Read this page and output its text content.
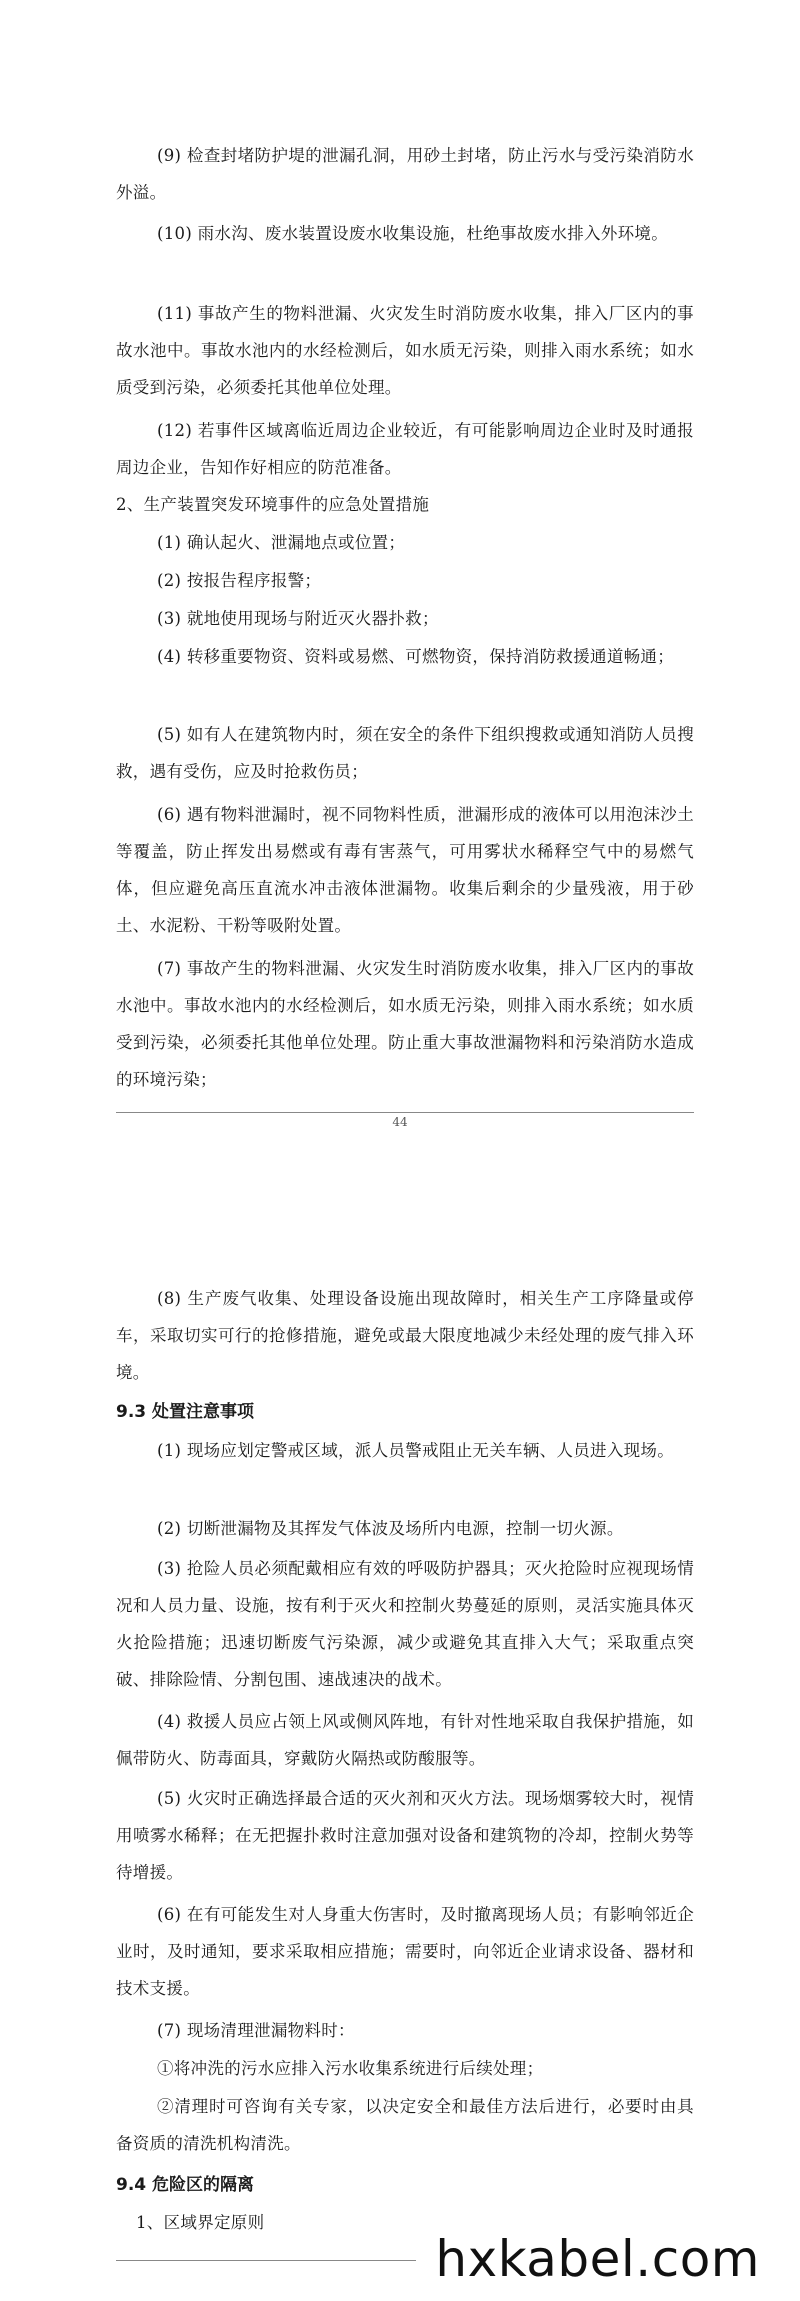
(9) 检查封堵防护堤的泄漏孔洞，用砂土封堵，防止污水与受污染消防水外溢。

(10) 雨水沟、废水装置设废水收集设施，杜绝事故废水排入外环境。

(11) 事故产生的物料泄漏、火灾发生时消防废水收集，排入厂区内的事故水池中。事故水池内的水经检测后，如水质无污染，则排入雨水系统；如水质受到污染，必须委托其他单位处理。

(12) 若事件区域离临近周边企业较近，有可能影响周边企业时及时通报周边企业，告知作好相应的防范准备。

2、生产装置突发环境事件的应急处置措施

(1) 确认起火、泄漏地点或位置；

(2) 按报告程序报警；

(3) 就地使用现场与附近灭火器扑救；

(4) 转移重要物资、资料或易燃、可燃物资，保持消防救援通道畅通；

(5) 如有人在建筑物内时，须在安全的条件下组织搜救或通知消防人员搜救，遇有受伤，应及时抢救伤员；

(6) 遇有物料泄漏时，视不同物料性质，泄漏形成的液体可以用泡沫沙土等覆盖，防止挥发出易燃或有毒有害蒸气，可用雾状水稀释空气中的易燃气体，但应避免高压直流水冲击液体泄漏物。收集后剩余的少量残液，用于砂土、水泥粉、干粉等吸附处置。

(7) 事故产生的物料泄漏、火灾发生时消防废水收集，排入厂区内的事故水池中。事故水池内的水经检测后，如水质无污染，则排入雨水系统；如水质受到污染，必须委托其他单位处理。防止重大事故泄漏物料和污染消防水造成的环境污染；

44

(8) 生产废气收集、处理设备设施出现故障时，相关生产工序降量或停车，采取切实可行的抢修措施，避免或最大限度地减少未经处理的废气排入环境。

9.3 处置注意事项

(1) 现场应划定警戒区域，派人员警戒阻止无关车辆、人员进入现场。

(2) 切断泄漏物及其挥发气体波及场所内电源，控制一切火源。

(3) 抢险人员必须配戴相应有效的呼吸防护器具；灭火抢险时应视现场情况和人员力量、设施，按有利于灭火和控制火势蔓延的原则，灵活实施具体灭火抢险措施；迅速切断废气污染源，减少或避免其直排入大气；采取重点突破、排除险情、分割包围、速战速决的战术。

(4) 救援人员应占领上风或侧风阵地，有针对性地采取自我保护措施，如佩带防火、防毒面具，穿戴防火隔热或防酸服等。

(5) 火灾时正确选择最合适的灭火剂和灭火方法。现场烟雾较大时，视情用喷雾水稀释；在无把握扑救时注意加强对设备和建筑物的冷却，控制火势等待增援。

(6) 在有可能发生对人身重大伤害时，及时撤离现场人员；有影响邻近企业时，及时通知，要求采取相应措施；需要时，向邻近企业请求设备、器材和技术支援。

(7) 现场清理泄漏物料时：

①将冲洗的污水应排入污水收集系统进行后续处理；

②清理时可咨询有关专家，以决定安全和最佳方法后进行，必要时由具备资质的清洗机构清洗。

9.4 危险区的隔离

1、区域界定原则

hxkabel.com
